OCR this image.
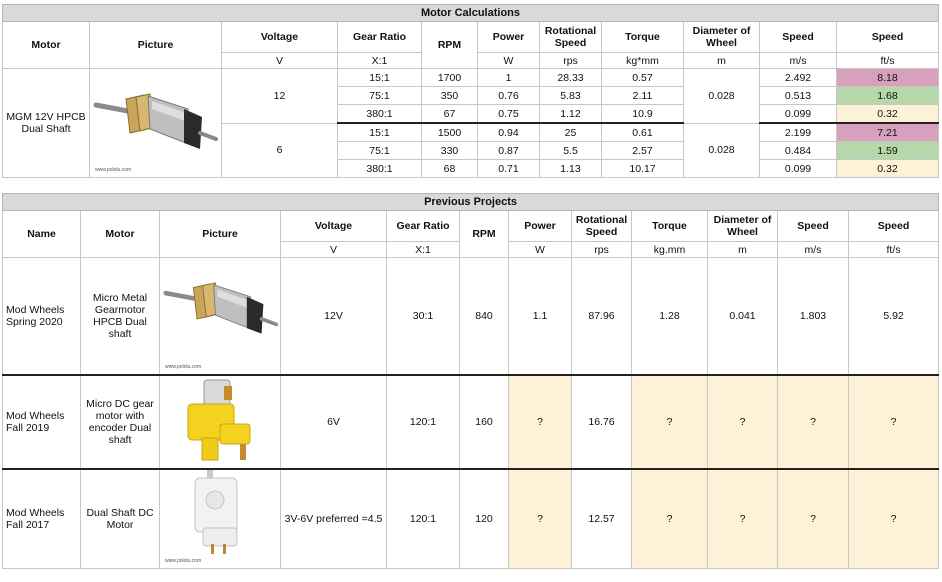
Motor Calculations										
Motor	Picture	Voltage	Gear Ratio	RPM	Power	Rotational Speed	Torque	Diameter of Wheel	Speed	Speed
		V	X:1		W	rps	kg*mm	m	m/s	ft/s
MGM 12V HPCB Dual Shaft	www.pololu.com	12	15:1	1700	1	28.33	0.57	0.028	2.492	8.18
			75:1	350	0.76	5.83	2.11		0.513	1.68
			380:1	67	0.75	1.12	10.9		0.099	0.32
		6	15:1	1500	0.94	25	0.61	0.028	2.199	7.21
			75:1	330	0.87	5.5	2.57		0.484	1.59
			380:1	68	0.71	1.13	10.17		0.099	0.32
Previous Projects											
Name	Motor	Picture	Voltage	Gear Ratio	RPM	Power	Rotational Speed	Torque	Diameter of Wheel	Speed	Speed
			V	X:1		W	rps	kg.mm	m	m/s	ft/s
Mod Wheels Spring 2020	Micro Metal Gearmotor HPCB Dual shaft	www.pololu.com	12V	30:1	840	1.1	87.96	1.28	0.041	1.803	5.92
Mod Wheels Fall 2019	Micro DC gear motor with encoder Dual shaft		6V	120:1	160	?	16.76	?	?	?	?
Mod Wheels Fall 2017	Dual Shaft DC Motor	www.pololu.com	3V-6V preferred =4.5	120:1	120	?	12.57	?	?	?	?
